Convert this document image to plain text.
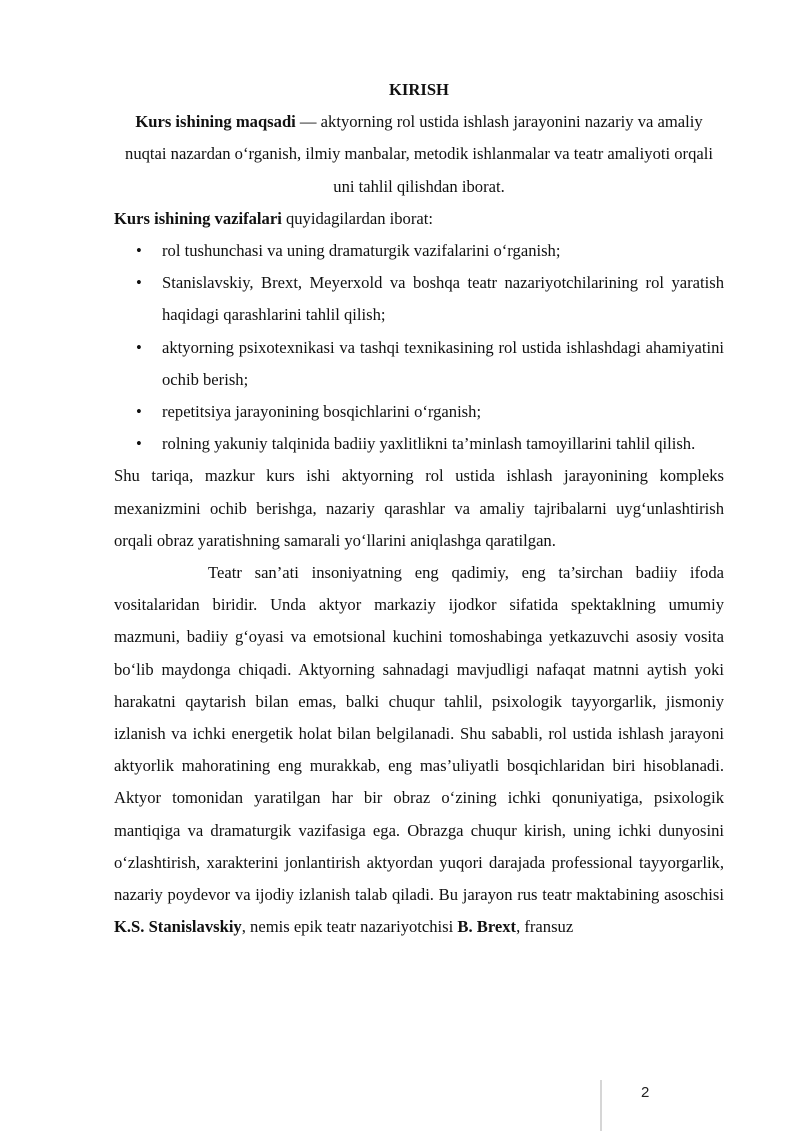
KIRISH

Kurs ishining maqsadi — aktyorning rol ustida ishlash jarayonini nazariy va amaliy nuqtai nazardan o‘rganish, ilmiy manbalar, metodik ishlanmalar va teatr amaliyoti orqali uni tahlil qilishdan iborat.

Kurs ishining vazifalari quyidagilardan iborat:

• rol tushunchasi va uning dramaturgik vazifalarini o‘rganish;
• Stanislavskiy, Brext, Meyerxold va boshqa teatr nazariyotchilarining rol yaratish haqidagi qarashlarini tahlil qilish;
• aktyorning psixotexnikasi va tashqi texnikasining rol ustida ishlashdagi ahamiyatini ochib berish;
• repetitsiya jarayonining bosqichlarini o‘rganish;
• rolning yakuniy talqinida badiiy yaxlitlikni ta’minlash tamoyillarini tahlil qilish.

Shu tariqa, mazkur kurs ishi aktyorning rol ustida ishlash jarayonining kompleks mexanizmini ochib berishga, nazariy qarashlar va amaliy tajribalarni uyg‘unlashtirish orqali obraz yaratishning samarali yo‘llarini aniqlashga qaratilgan.

Teatr san’ati insoniyatning eng qadimiy, eng ta’sirchan badiiy ifoda vositalaridan biridir. Unda aktyor markaziy ijodkor sifatida spektaklning umumiy mazmuni, badiiy g‘oyasi va emotsional kuchini tomoshabinga yetkazuvchi asosiy vosita bo‘lib maydonga chiqadi. Aktyorning sahnadagi mavjudligi nafaqat matnni aytish yoki harakatni qaytarish bilan emas, balki chuqur tahlil, psixologik tayyorgarlik, jismoniy izlanish va ichki energetik holat bilan belgilanadi. Shu sababli, rol ustida ishlash jarayoni aktyorlik mahoratining eng murakkab, eng mas’uliyatli bosqichlaridan biri hisoblanadi. Aktyor tomonidan yaratilgan har bir obraz o‘zining ichki qonuniyatiga, psixologik mantiqiga va dramaturgik vazifasiga ega. Obrazga chuqur kirish, uning ichki dunyosini o‘zlashtirish, xarakterini jonlantirish aktyordan yuqori darajada professional tayyorgarlik, nazariy poydevor va ijodiy izlanish talab qiladi. Bu jarayon rus teatr maktabining asoschisi K.S. Stanislavskiy, nemis epik teatr nazariyotchisi B. Brext, fransuz

2
